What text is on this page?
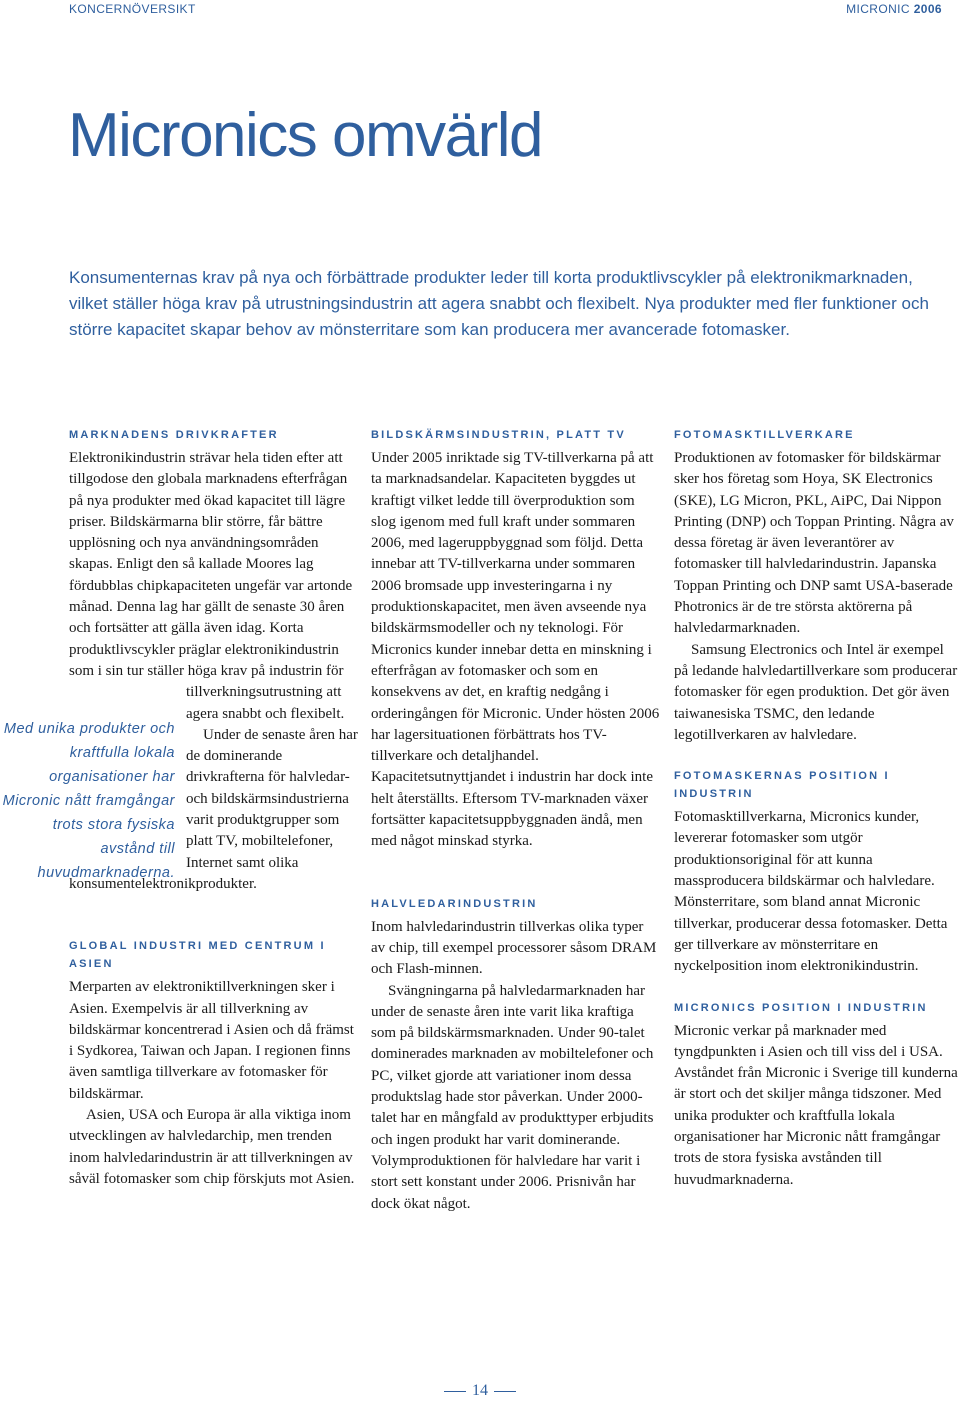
KONCERNÖVERSIKT	MICRONIC 2006
Micronics omvärld

Konsumenternas krav på nya och förbättrade produkter leder till korta produktlivscykler på elektronikmarknaden, vilket ställer höga krav på utrustningsindustrin att agera snabbt och flexibelt. Nya produkter med fler funktioner och större kapacitet skapar behov av mönsterritare som kan producera mer avancerade fotomasker.

MARKNADENS DRIVKRAFTER

Elektronikindustrin strävar hela tiden efter att tillgodose den globala marknadens efterfrågan på nya produkter med ökad kapacitet till lägre priser. Bildskärmarna blir större, får bättre upplösning och nya användningsområden skapas. Enligt den så kallade Moores lag fördubblas chipkapaciteten ungefär var artonde månad. Denna lag har gällt de senaste 30 åren och fortsätter att gälla även idag. Korta produktlivscykler präglar elektronikindustrin som i sin tur ställer höga krav på industrin för tillverkningsutrustning att agera snabbt och flexibelt.

Under de senaste åren har de dominerande drivkrafterna för halvledar- och bildskärmsindustrierna varit produktgrupper som platt TV, mobiltelefoner, Internet samt olika konsumentelektronikprodukter.

Med unika produkter och kraftfulla lokala organisationer har Micronic nått framgångar trots stora fysiska avstånd till huvudmarknaderna.
GLOBAL INDUSTRI MED CENTRUM I ASIEN

Merparten av elektroniktillverkningen sker i Asien. Exempelvis är all tillverkning av bildskärmar koncentrerad i Asien och då främst i Sydkorea, Taiwan och Japan. I regionen finns även samtliga tillverkare av fotomasker för bildskärmar.

Asien, USA och Europa är alla viktiga inom utvecklingen av halvledarchip, men trenden inom halvledarindustrin är att tillverkningen av såväl fotomasker som chip förskjuts mot Asien.

BILDSKÄRMSINDUSTRIN, PLATT TV

Under 2005 inriktade sig TV-tillverkarna på att ta marknadsandelar. Kapaciteten byggdes ut kraftigt vilket ledde till överproduktion som slog igenom med full kraft under sommaren 2006, med lageruppbyggnad som följd. Detta innebar att TV-tillverkarna under sommaren 2006 bromsade upp investeringarna i ny produktionskapacitet, men även avseende nya bildskärmsmodeller och ny teknologi. För Micronics kunder innebar detta en minskning i efterfrågan av fotomasker och som en konsekvens av det, en kraftig nedgång i orderingången för Micronic. Under hösten 2006 har lagersituationen förbättrats hos TV-tillverkare och detaljhandel. Kapacitetsutnyttjandet i industrin har dock inte helt återställts. Eftersom TV-marknaden växer fortsätter kapacitetsuppbyggnaden ändå, men med något minskad styrka.

HALVLEDARINDUSTRIN

Inom halvledarindustrin tillverkas olika typer av chip, till exempel processorer såsom DRAM och Flash-minnen.

Svängningarna på halvledarmarknaden har under de senaste åren inte varit lika kraftiga som på bildskärmsmarknaden. Under 90-talet dominerades marknaden av mobiltelefoner och PC, vilket gjorde att variationer inom dessa produktslag hade stor påverkan. Under 2000-talet har en mångfald av produkttyper erbjudits och ingen produkt har varit dominerande. Volymproduktionen för halvledare har varit i stort sett konstant under 2006. Prisnivån har dock ökat något.

FOTOMASKTILLVERKARE

Produktionen av fotomasker för bildskärmar sker hos företag som Hoya, SK Electronics (SKE), LG Micron, PKL, AiPC, Dai Nippon Printing (DNP) och Toppan Printing. Några av dessa företag är även leverantörer av fotomasker till halvledarindustrin. Japanska Toppan Printing och DNP samt USA-baserade Photronics är de tre största aktörerna på halvledarmarknaden.

Samsung Electronics och Intel är exempel på ledande halvledartillverkare som producerar fotomasker för egen produktion. Det gör även taiwanesiska TSMC, den ledande legotillverkaren av halvledare.

FOTOMASKERNAS POSITION I INDUSTRIN

Fotomasktillverkarna, Micronics kunder, levererar fotomasker som utgör produktionsoriginal för att kunna massproducera bildskärmar och halvledare. Mönsterritare, som bland annat Micronic tillverkar, producerar dessa fotomasker. Detta ger tillverkare av mönsterritare en nyckelposition inom elektronikindustrin.

MICRONICS POSITION I INDUSTRIN

Micronic verkar på marknader med tyngdpunkten i Asien och till viss del i USA. Avståndet från Micronic i Sverige till kunderna är stort och det skiljer många tidszoner. Med unika produkter och kraftfulla lokala organisationer har Micronic nått framgångar trots de stora fysiska avstånden till huvudmarknaderna.

14
